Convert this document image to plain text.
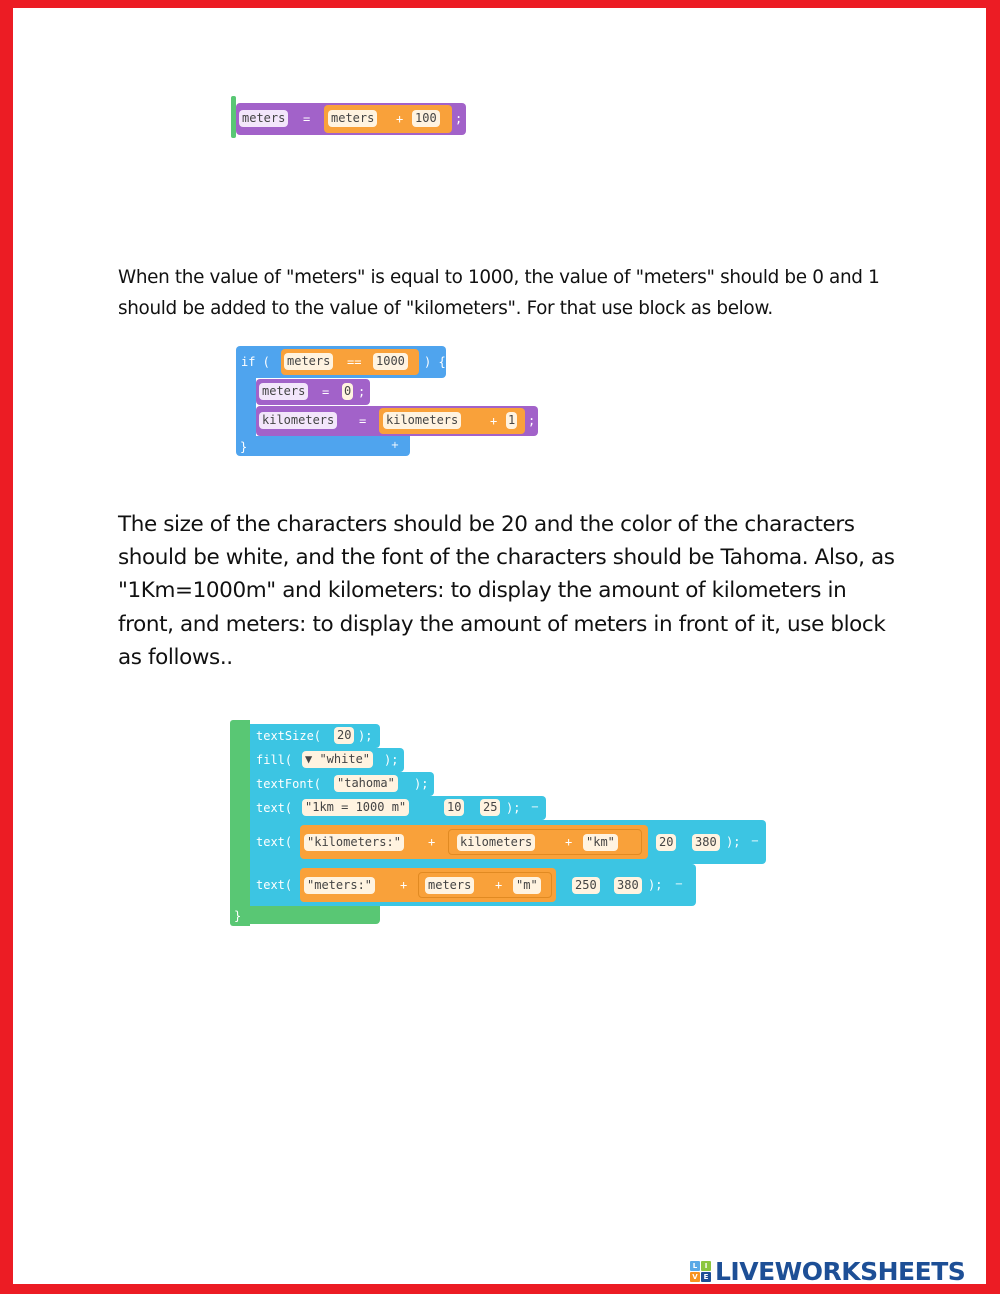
meters

=

meters

+

100

;

When the value of "meters" is equal to 1000, the value of "meters" should be 0 and 1 should be added to the value of "kilometers". For that use block as below.
if ( meters == 1000 ) {
}

meters

=

0

;

kilometers

=

kilometers

	+

1

;

The size of the characters should be 20 and the color of the characters should be white, and the font of the characters should be Tahoma. Also, as "1Km=1000m" and kilometers: to display the amount of kilometers in front, and meters: to display the amount of meters in front of it, use block as follows..
}

textSize(

20

);

fill(

▼ "white"

);

textFont(

"tahoma"

);

text(

"1km = 1000 m"

	10

25

);

−

text(

"kilometers:"

+

kilometers

	+

"km"

	20

380

);

−

text(

"meters:"

+

meters

+

"m"

	250

380

);

−

L	I
V E LIVEWORKSHEETS
